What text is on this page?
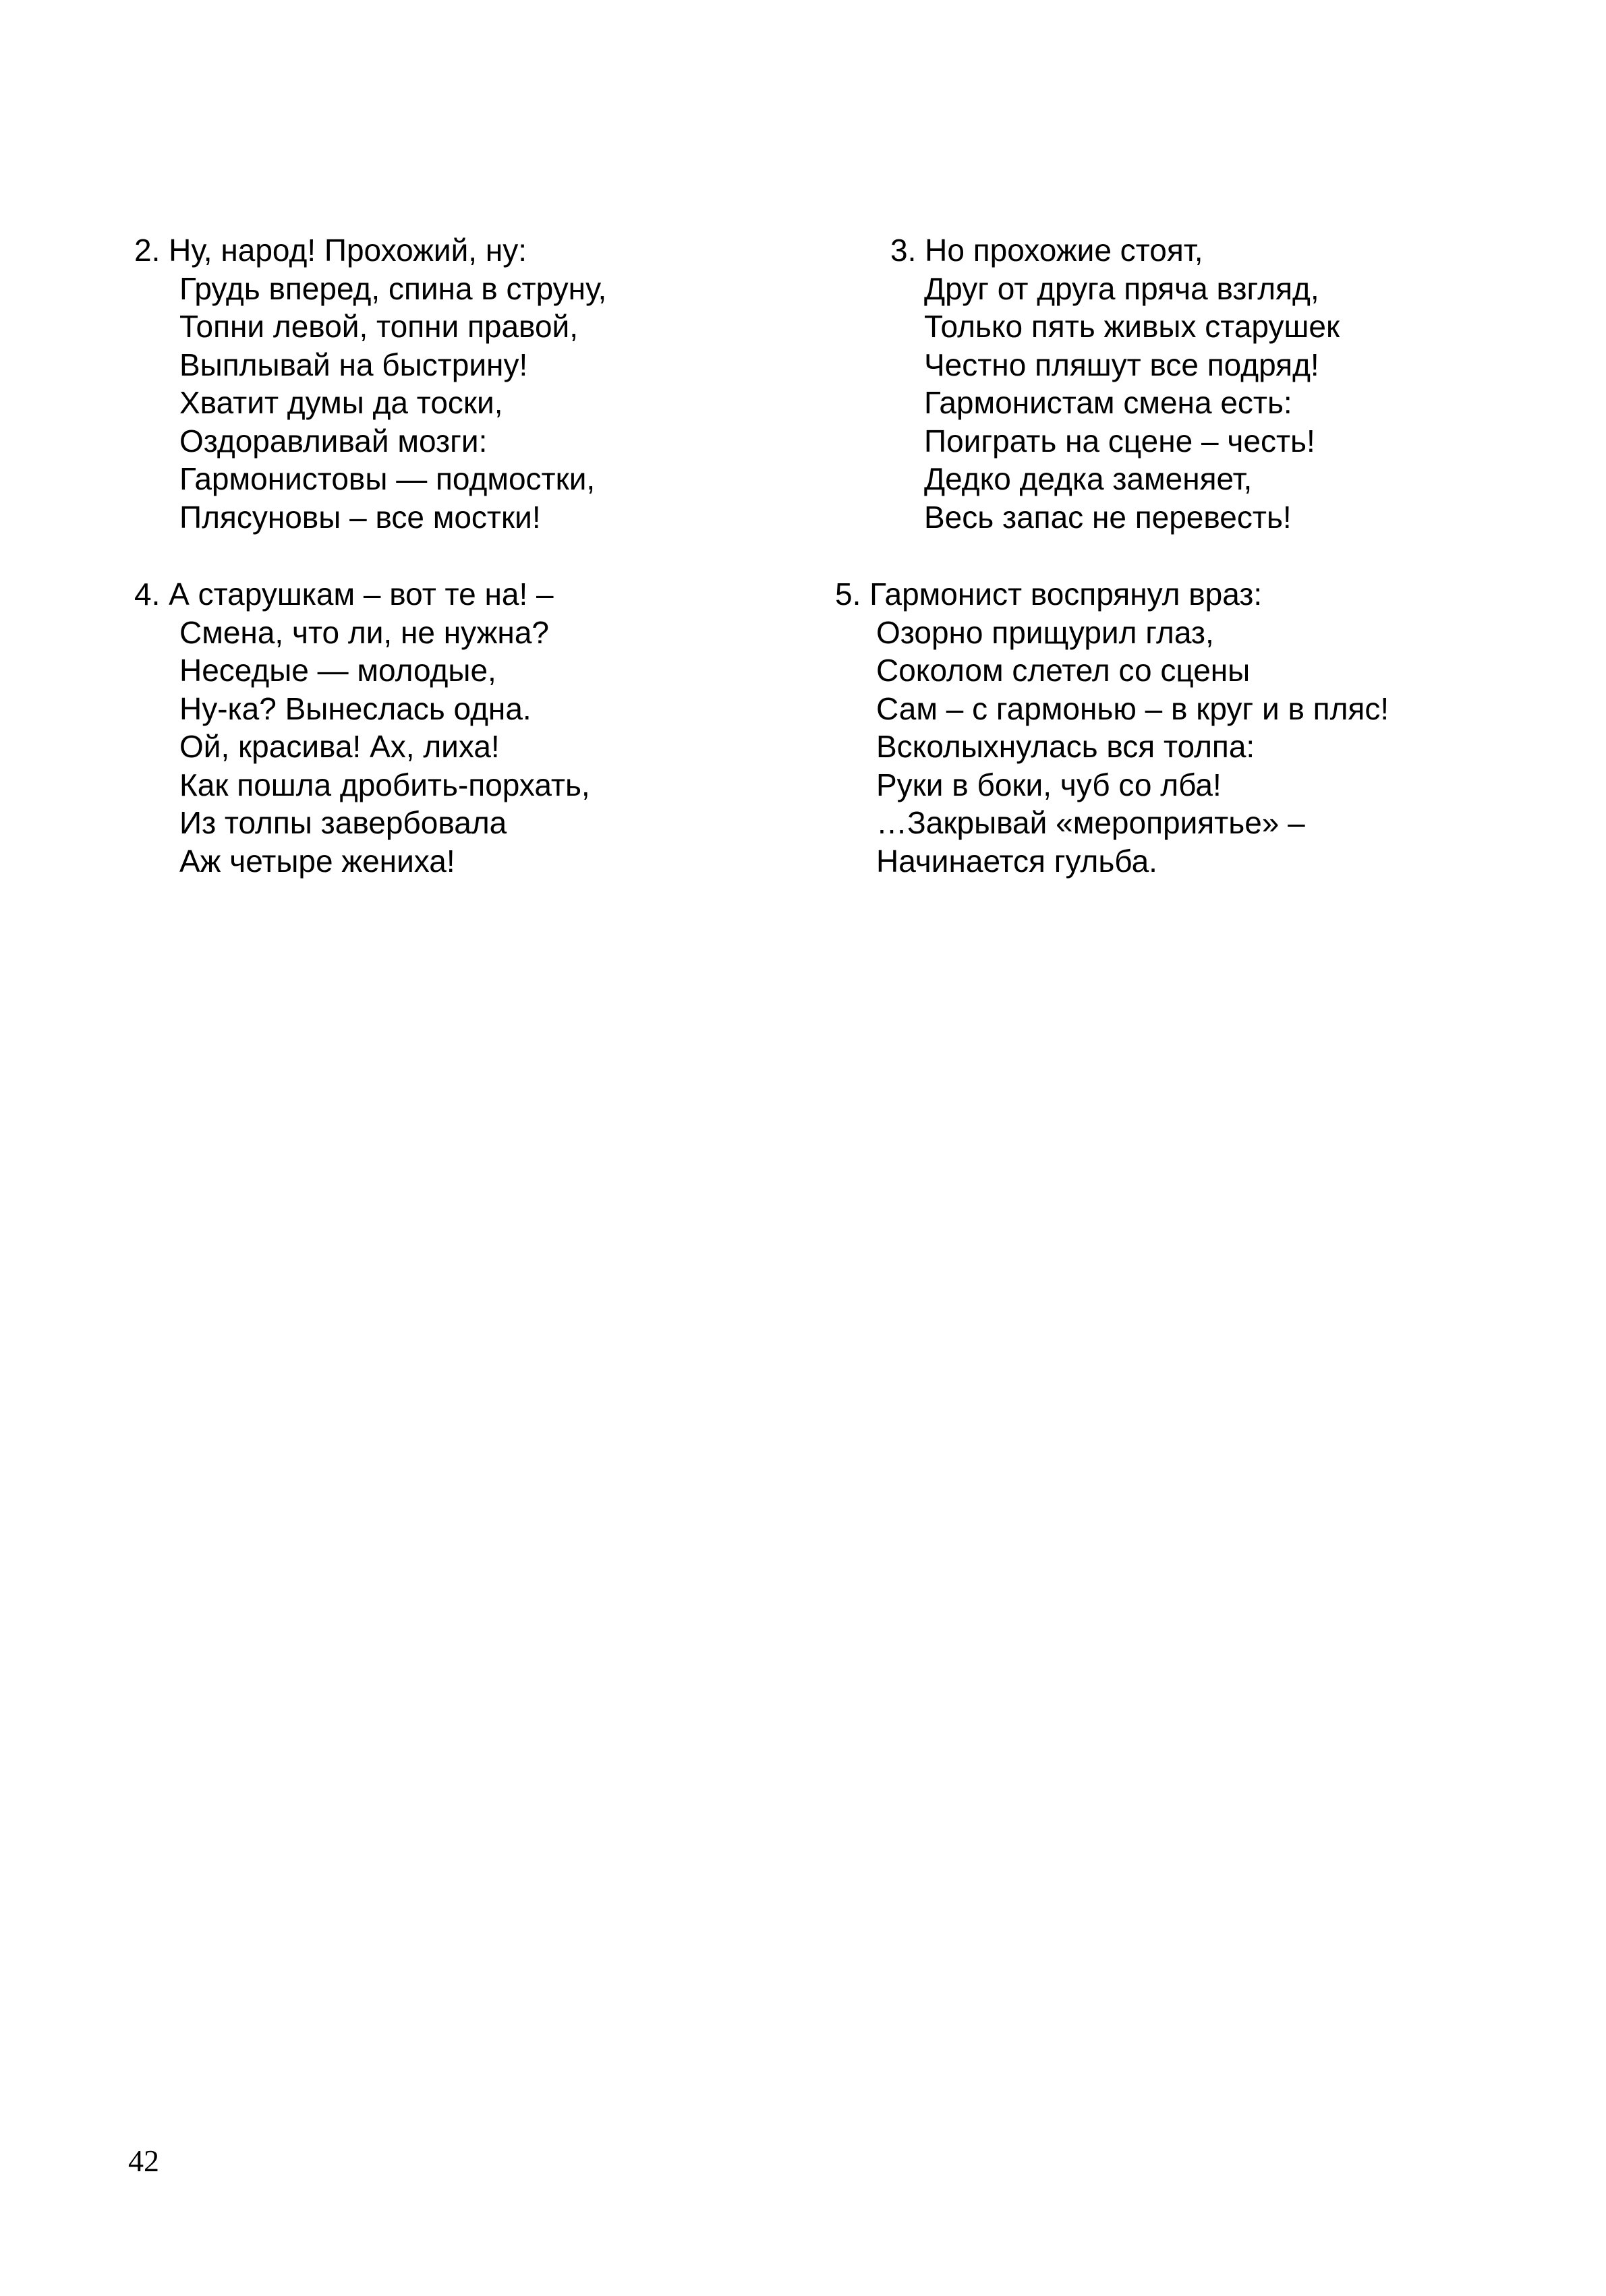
2. Ну, народ! Прохожий, ну:
Грудь вперед, спина в струну,
Топни левой, топни правой,
Выплывай на быстрину!
Хватит думы да тоски,
Оздоравливай мозги:
Гармонистовы — подмостки,
Плясуновы – все мостки!
3. Но прохожие стоят,
Друг от друга пряча взгляд,
Только пять живых старушек
Честно пляшут все подряд!
Гармонистам смена есть:
Поиграть на сцене – честь!
Дедко дедка заменяет,
Весь запас не перевесть!
4. А старушкам – вот те на! –
Смена, что ли, не нужна?
Неседые — молодые,
Ну-ка? Вынеслась одна.
Ой, красива! Ах, лиха!
Как пошла дробить-порхать,
Из толпы завербовала
Аж четыре жениха!
5. Гармонист воспрянул враз:
Озорно прищурил глаз,
Соколом слетел со сцены
Сам – с гармонью – в круг и в пляс!
Всколыхнулась вся толпа:
Руки в боки, чуб со лба!
…Закрывай «мероприятье» –
Начинается гульба.
42
